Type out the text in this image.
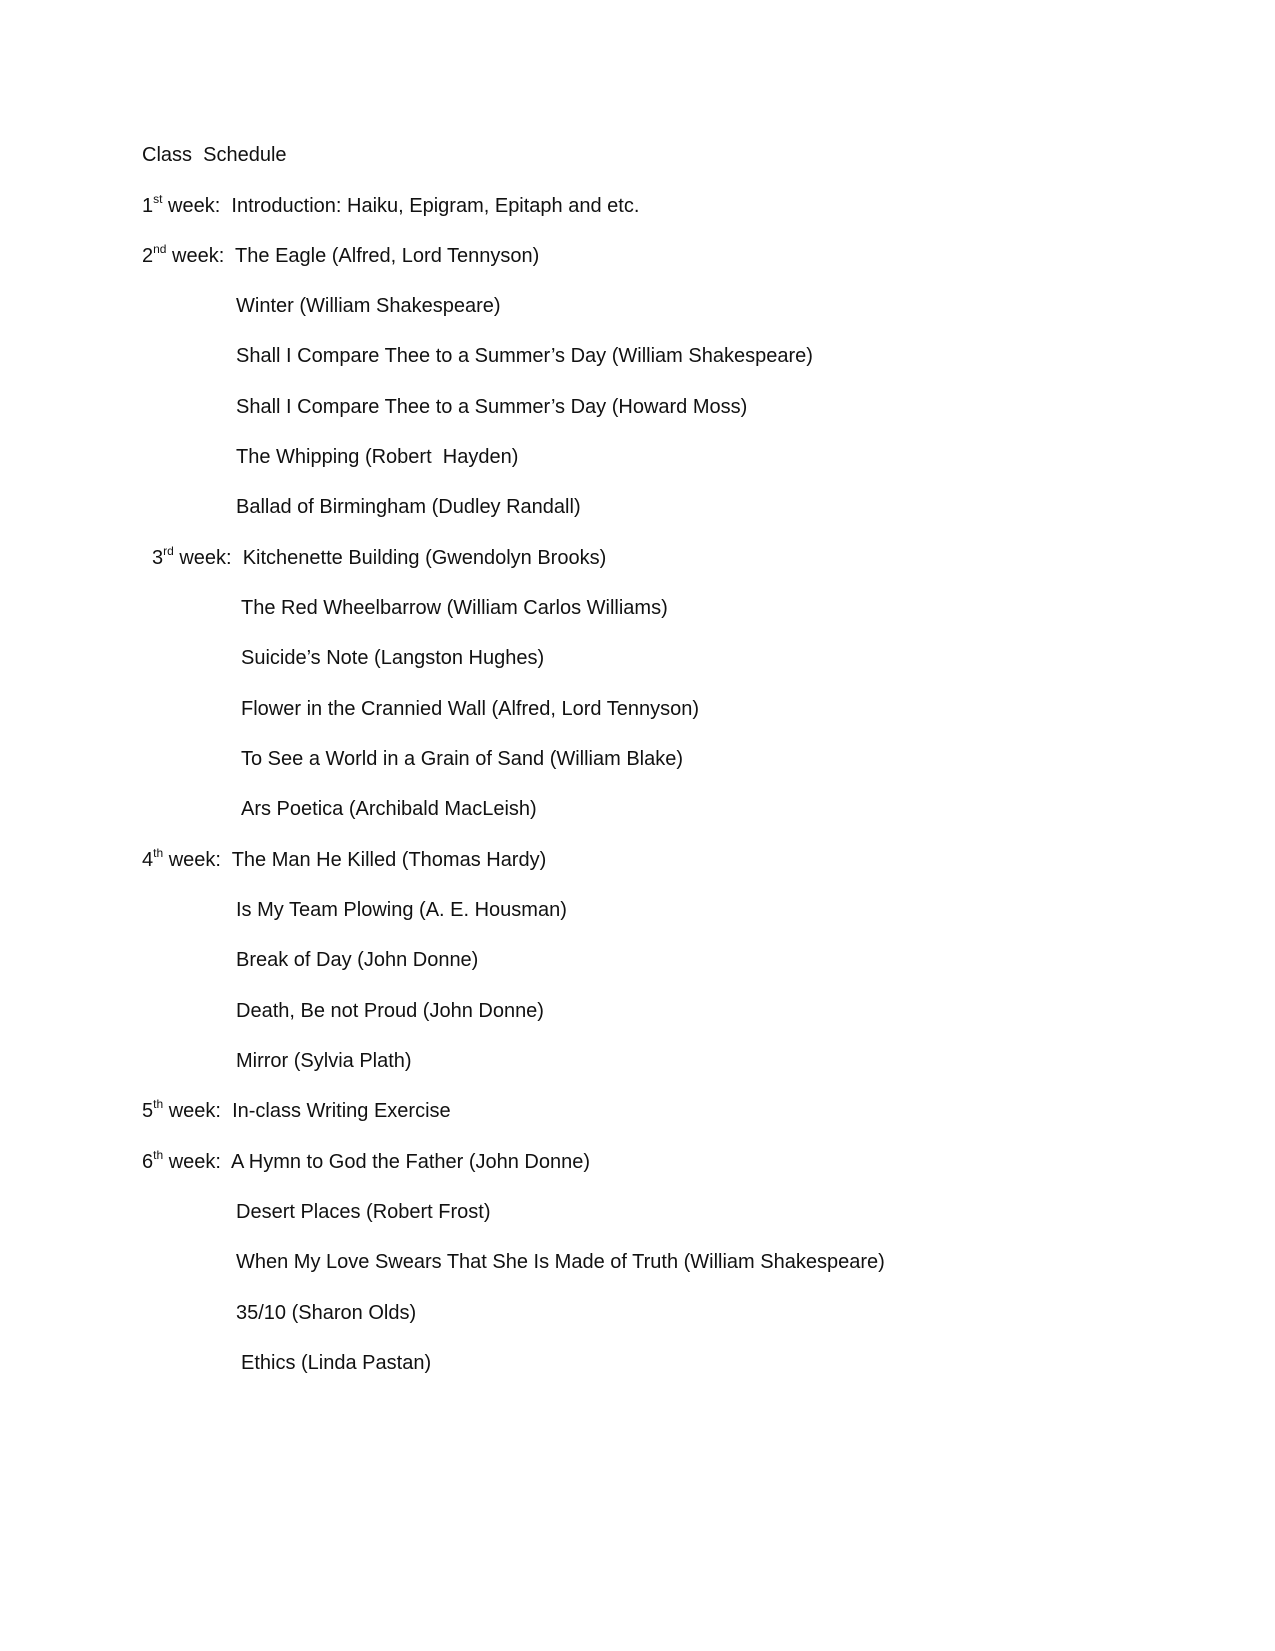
Class  Schedule
1st week:  Introduction: Haiku, Epigram, Epitaph and etc.
2nd week:  The Eagle (Alfred, Lord Tennyson)
Winter (William Shakespeare)
Shall I Compare Thee to a Summer’s Day (William Shakespeare)
Shall I Compare Thee to a Summer’s Day (Howard Moss)
The Whipping (Robert  Hayden)
Ballad of Birmingham (Dudley Randall)
3rd week:  Kitchenette Building (Gwendolyn Brooks)
The Red Wheelbarrow (William Carlos Williams)
Suicide’s Note (Langston Hughes)
Flower in the Crannied Wall (Alfred, Lord Tennyson)
To See a World in a Grain of Sand (William Blake)
Ars Poetica (Archibald MacLeish)
4th week:  The Man He Killed (Thomas Hardy)
Is My Team Plowing (A. E. Housman)
Break of Day (John Donne)
Death, Be not Proud (John Donne)
Mirror (Sylvia Plath)
5th week:  In-class Writing Exercise
6th week:  A Hymn to God the Father (John Donne)
Desert Places (Robert Frost)
When My Love Swears That She Is Made of Truth (William Shakespeare)
35/10 (Sharon Olds)
Ethics (Linda Pastan)
